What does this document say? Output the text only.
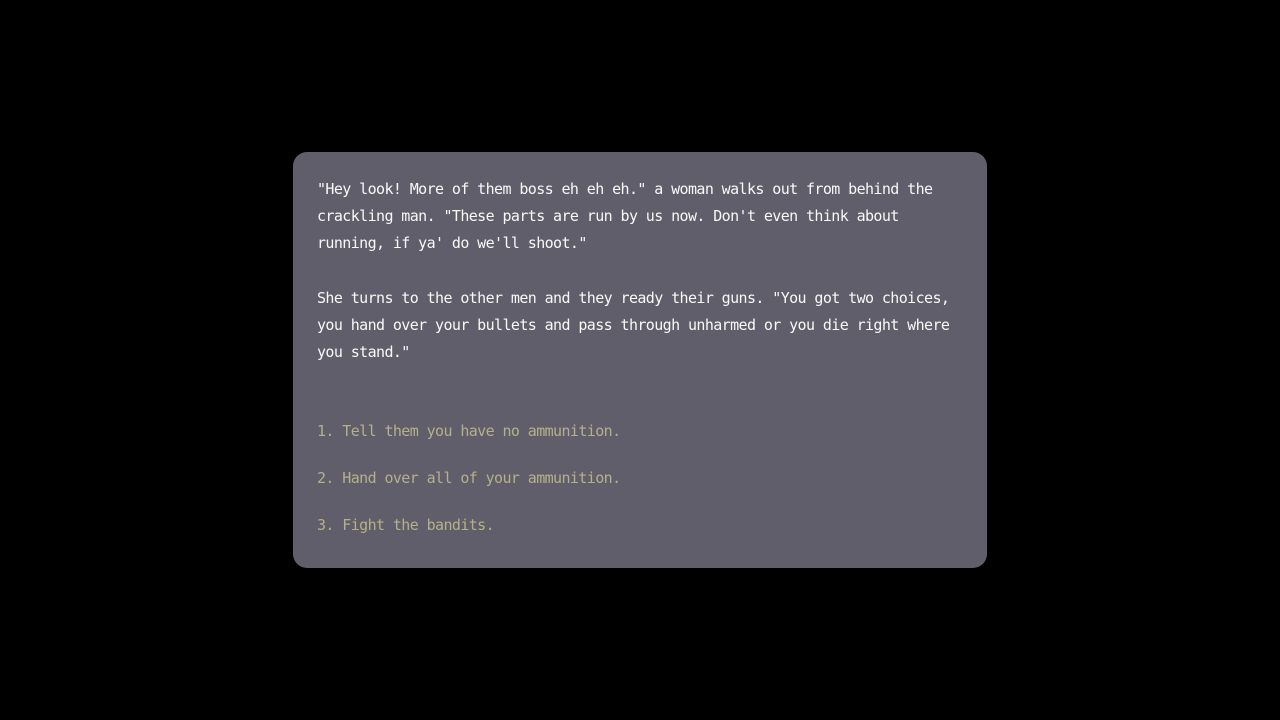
"Hey look! More of them boss eh eh eh." a woman walks out from behind the crackling man. "These parts are run by us now. Don't even think about running, if ya' do we'll shoot."
She turns to the other men and they ready their guns. "You got two choices, you hand over your bullets and pass through unharmed or you die right where you stand."
1. Tell them you have no ammunition.
2. Hand over all of your ammunition.
3. Fight the bandits.
